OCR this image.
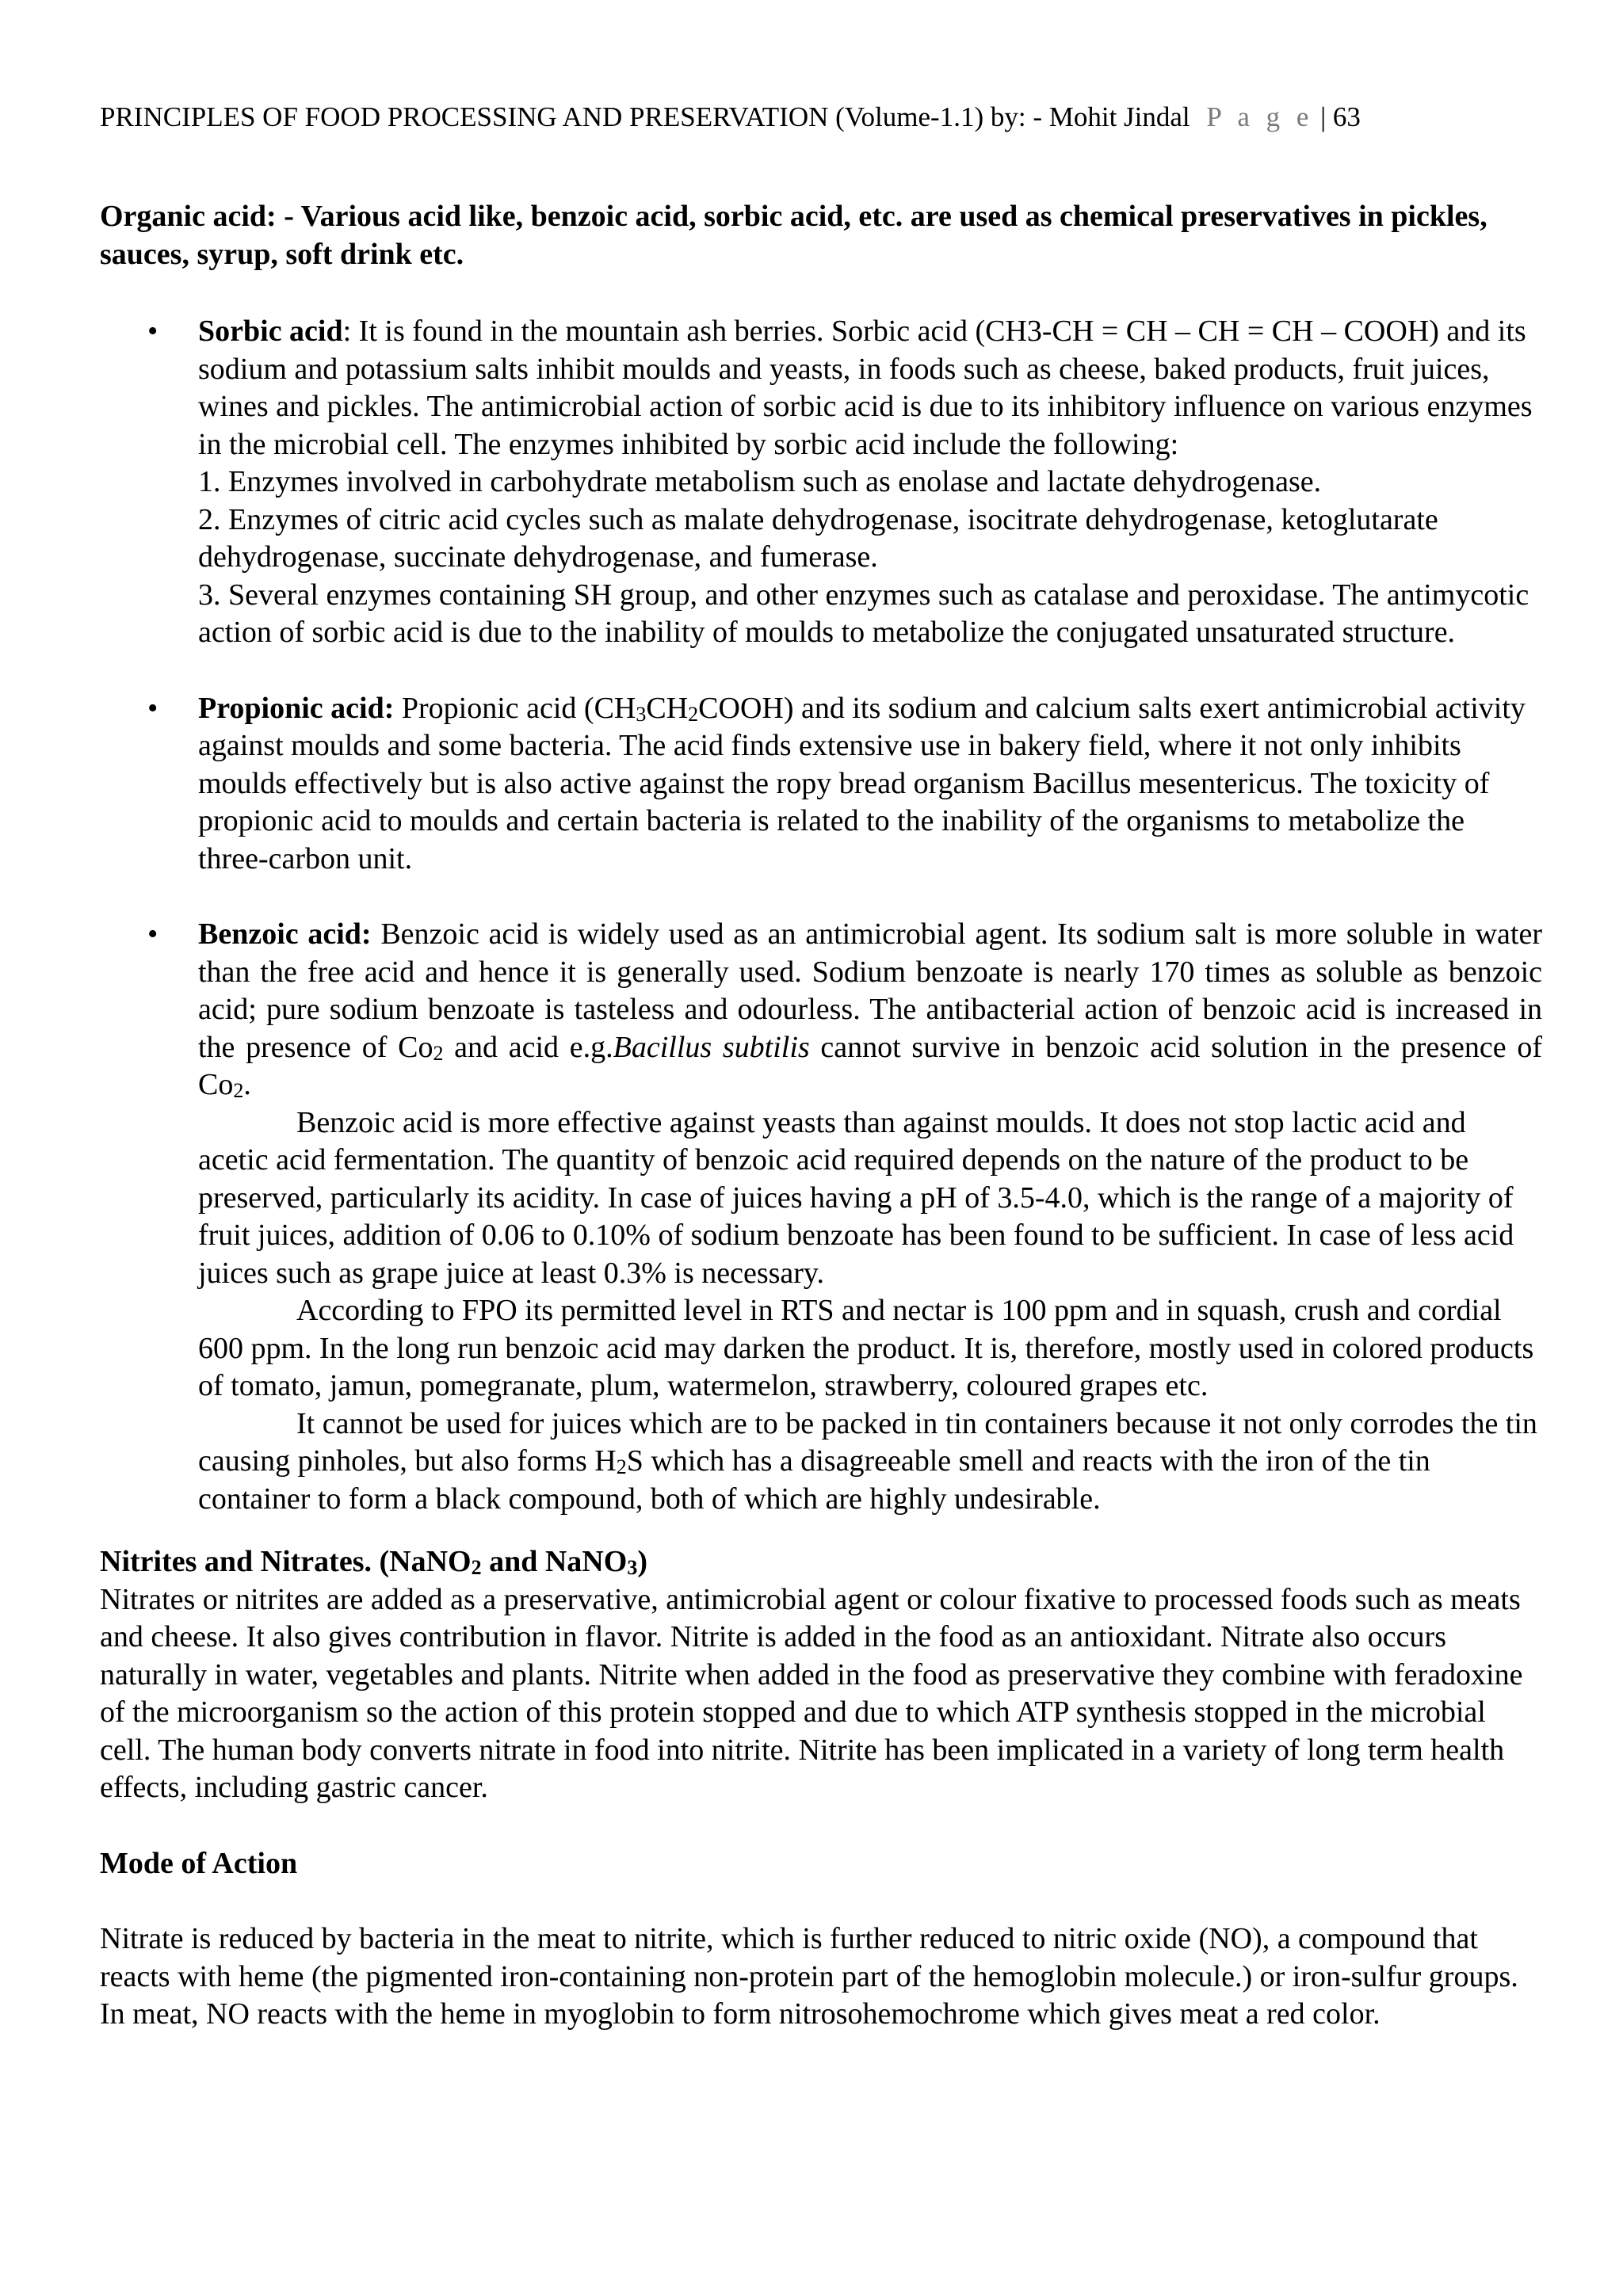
PRINCIPLES OF FOOD PROCESSING AND PRESERVATION (Volume-1.1) by: - Mohit Jindal P a g e | 63

Organic acid: - Various acid like, benzoic acid, sorbic acid, etc. are used as chemical preservatives in pickles, sauces, syrup, soft drink etc.

• Sorbic acid: It is found in the mountain ash berries. Sorbic acid (CH3-CH = CH – CH = CH – COOH) and its sodium and potassium salts inhibit moulds and yeasts, in foods such as cheese, baked products, fruit juices, wines and pickles. The antimicrobial action of sorbic acid is due to its inhibitory influence on various enzymes in the microbial cell. The enzymes inhibited by sorbic acid include the following:

1. Enzymes involved in carbohydrate metabolism such as enolase and lactate dehydrogenase.

2. Enzymes of citric acid cycles such as malate dehydrogenase, isocitrate dehydrogenase, ketoglutarate dehydrogenase, succinate dehydrogenase, and fumerase.

3. Several enzymes containing SH group, and other enzymes such as catalase and peroxidase. The antimycotic action of sorbic acid is due to the inability of moulds to metabolize the conjugated unsaturated structure.

• Propionic acid: Propionic acid $(CH_3CH_2COOH)$ and its sodium and calcium salts exert antimicrobial activity against moulds and some bacteria. The acid finds extensive use in bakery field, where it not only inhibits moulds effectively but is also active against the ropy bread organism Bacillus mesentericus. The toxicity of propionic acid to moulds and certain bacteria is related to the inability of the organisms to metabolize the three-carbon unit.

• Benzoic acid: Benzoic acid is widely used as an antimicrobial agent. Its sodium salt is more soluble in water than the free acid and hence it is generally used. Sodium benzoate is nearly 170 times as soluble as benzoic acid; pure sodium benzoate is tasteless and odourless. The antibacterial action of benzoic acid is increased in the presence of $Co_2$ and acid e.g.Bacillus subtilis cannot survive in benzoic acid solution in the presence of $Co_2$.

Benzoic acid is more effective against yeasts than against moulds. It does not stop lactic acid and acetic acid fermentation. The quantity of benzoic acid required depends on the nature of the product to be preserved, particularly its acidity. In case of juices having a pH of 3.5-4.0, which is the range of a majority of fruit juices, addition of 0.06 to 0.10% of sodium benzoate has been found to be sufficient. In case of less acid juices such as grape juice at least 0.3% is necessary.

According to FPO its permitted level in RTS and nectar is 100 ppm and in squash, crush and cordial 600 ppm. In the long run benzoic acid may darken the product. It is, therefore, mostly used in colored products of tomato, jamun, pomegranate, plum, watermelon, strawberry, coloured grapes etc.

It cannot be used for juices which are to be packed in tin containers because it not only corrodes the tin causing pinholes, but also forms $H_2S$ which has a disagreeable smell and reacts with the iron of the tin container to form a black compound, both of which are highly undesirable.

Nitrites and Nitrates. (NaNO$_2$ and NaNO$_3$)

Nitrates or nitrites are added as a preservative, antimicrobial agent or colour fixative to processed foods such as meats and cheese. It also gives contribution in flavor. Nitrite is added in the food as an antioxidant. Nitrate also occurs naturally in water, vegetables and plants. Nitrite when added in the food as preservative they combine with feradoxine of the microorganism so the action of this protein stopped and due to which ATP synthesis stopped in the microbial cell. The human body converts nitrate in food into nitrite. Nitrite has been implicated in a variety of long term health effects, including gastric cancer.

Mode of Action

Nitrate is reduced by bacteria in the meat to nitrite, which is further reduced to nitric oxide (NO), a compound that reacts with heme (the pigmented iron-containing non-protein part of the hemoglobin molecule.) or iron-sulfur groups.

In meat, NO reacts with the heme in myoglobin to form nitrosohemochrome which gives meat a red color.
